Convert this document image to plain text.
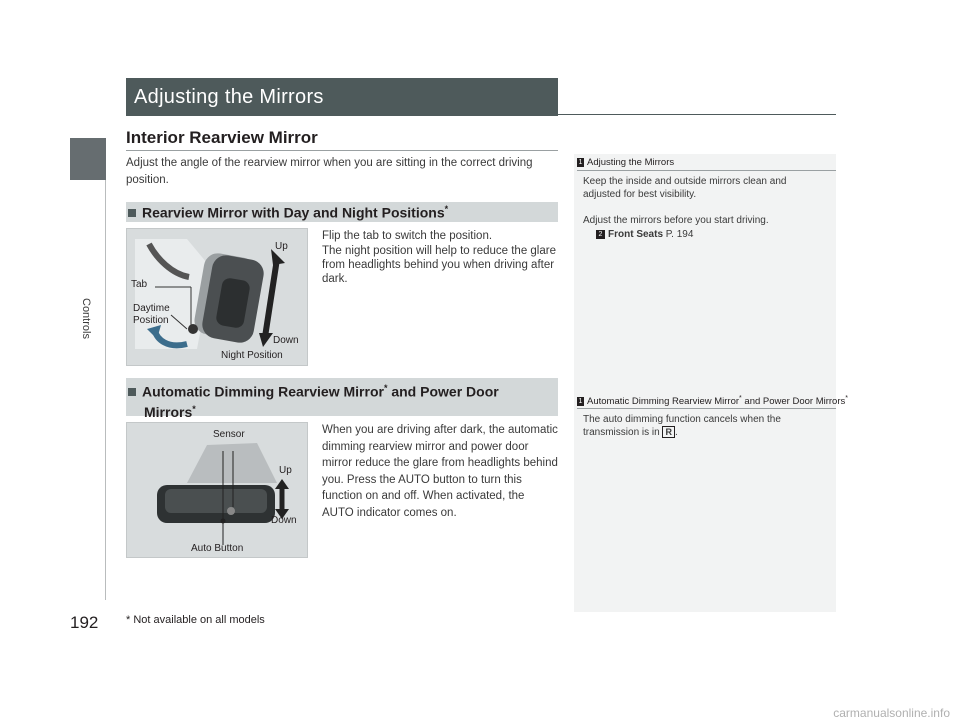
Controls
192
Adjusting the Mirrors
Interior Rearview Mirror
Adjust the angle of the rearview mirror when you are sitting in the correct driving position.
Rearview Mirror with Day and Night Positions*
Up
Tab
Daytime
Position
Down
Night Position
Flip the tab to switch the position.
The night position will help to reduce the glare from headlights behind you when driving after dark.
Automatic Dimming Rearview Mirror* and Power Door
Mirrors*
Sensor
Up
Down
Auto Button
When you are driving after dark, the automatic dimming rearview mirror and power door mirror reduce the glare from headlights behind you. Press the AUTO button to turn this function on and off. When activated, the AUTO indicator comes on.
1 Adjusting the Mirrors
Keep the inside and outside mirrors clean and adjusted for best visibility.
Adjust the mirrors before you start driving.
2 Front Seats P. 194
1 Automatic Dimming Rearview Mirror* and Power Door Mirrors*
The auto dimming function cancels when the transmission is in R .
* Not available on all models
carmanualsonline.info
